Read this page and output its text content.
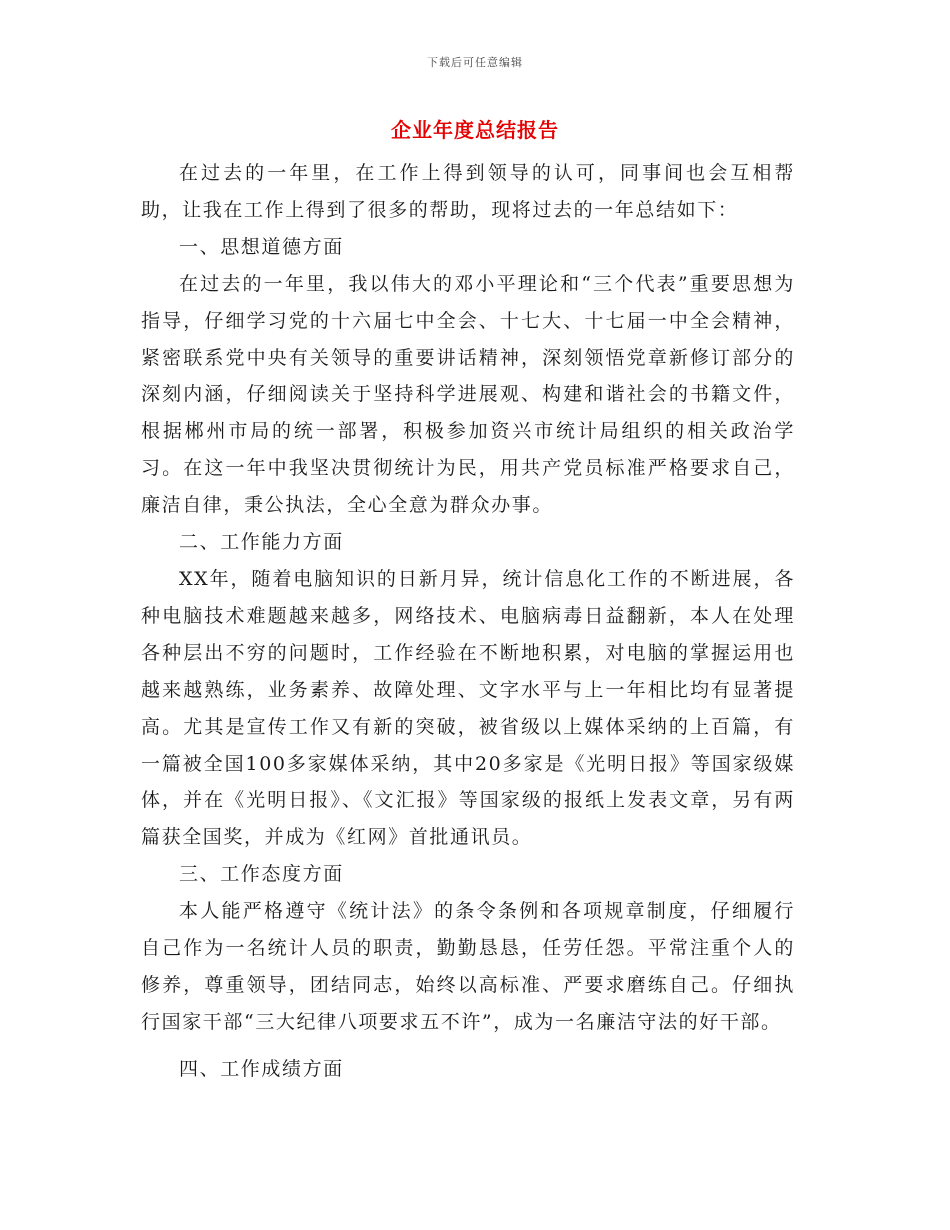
下载后可任意编辑
企业年度总结报告

在过去的一年里，在工作上得到领导的认可，同事间也会互相帮助，让我在工作上得到了很多的帮助，现将过去的一年总结如下：

一、思想道德方面

在过去的一年里，我以伟大的邓小平理论和“三个代表”重要思想为指导，仔细学习党的十六届七中全会、十七大、十七届一中全会精神，紧密联系党中央有关领导的重要讲话精神，深刻领悟党章新修订部分的深刻内涵，仔细阅读关于坚持科学进展观、构建和谐社会的书籍文件，根据郴州市局的统一部署，积极参加资兴市统计局组织的相关政治学习。在这一年中我坚决贯彻统计为民，用共产党员标准严格要求自己，廉洁自律，秉公执法，全心全意为群众办事。

二、工作能力方面

XX年，随着电脑知识的日新月异，统计信息化工作的不断进展，各种电脑技术难题越来越多，网络技术、电脑病毒日益翻新，本人在处理各种层出不穷的问题时，工作经验在不断地积累，对电脑的掌握运用也越来越熟练，业务素养、故障处理、文字水平与上一年相比均有显著提高。尤其是宣传工作又有新的突破，被省级以上媒体采纳的上百篇，有一篇被全国100多家媒体采纳，其中20多家是《光明日报》等国家级媒体，并在《光明日报》、《文汇报》等国家级的报纸上发表文章，另有两篇获全国奖，并成为《红网》首批通讯员。

三、工作态度方面

本人能严格遵守《统计法》的条令条例和各项规章制度，仔细履行自己作为一名统计人员的职责，勤勤恳恳，任劳任怨。平常注重个人的修养，尊重领导，团结同志，始终以高标准、严要求磨练自己。仔细执行国家干部“三大纪律八项要求五不许”，成为一名廉洁守法的好干部。

四、工作成绩方面
